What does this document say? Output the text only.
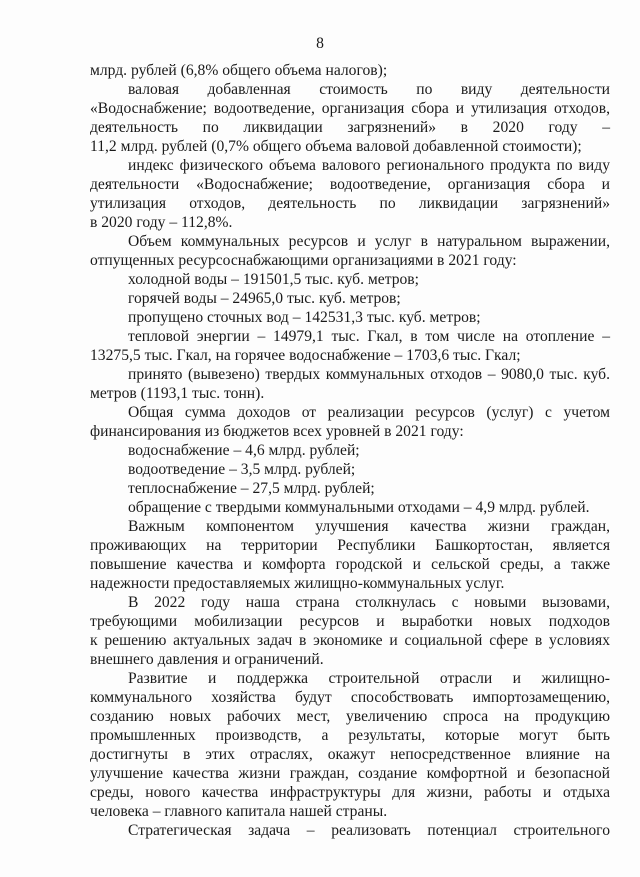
8
млрд. рублей (6,8% общего объема налогов);
валовая добавленная стоимость по виду деятельности
«Водоснабжение; водоотведение, организация сбора и утилизация отходов,
деятельность по ликвидации загрязнений» в 2020 году –
11,2 млрд. рублей (0,7% общего объема валовой добавленной стоимости);
индекс физического объема валового регионального продукта по виду
деятельности «Водоснабжение; водоотведение, организация сбора и
утилизация отходов, деятельность по ликвидации загрязнений»
в 2020 году – 112,8%.
Объем коммунальных ресурсов и услуг в натуральном выражении,
отпущенных ресурсоснабжающими организациями в 2021 году:
холодной воды – 191501,5 тыс. куб. метров;
горячей воды – 24965,0 тыс. куб. метров;
пропущено сточных вод – 142531,3 тыс. куб. метров;
тепловой энергии – 14979,1 тыс. Гкал, в том числе на отопление –
13275,5 тыс. Гкал, на горячее водоснабжение – 1703,6 тыс. Гкал;
принято (вывезено) твердых коммунальных отходов – 9080,0 тыс. куб.
метров (1193,1 тыс. тонн).
Общая сумма доходов от реализации ресурсов (услуг) с учетом
финансирования из бюджетов всех уровней в 2021 году:
водоснабжение – 4,6 млрд. рублей;
водоотведение – 3,5 млрд. рублей;
теплоснабжение – 27,5 млрд. рублей;
обращение с твердыми коммунальными отходами – 4,9 млрд. рублей.
Важным компонентом улучшения качества жизни граждан,
проживающих на территории Республики Башкортостан, является
повышение качества и комфорта городской и сельской среды, а также
надежности предоставляемых жилищно-коммунальных услуг.
В 2022 году наша страна столкнулась с новыми вызовами,
требующими мобилизации ресурсов и выработки новых подходов
к решению актуальных задач в экономике и социальной сфере в условиях
внешнего давления и ограничений.
Развитие и поддержка строительной отрасли и жилищно-
коммунального хозяйства будут способствовать импортозамещению,
созданию новых рабочих мест, увеличению спроса на продукцию
промышленных производств, а результаты, которые могут быть
достигнуты в этих отраслях, окажут непосредственное влияние на
улучшение качества жизни граждан, создание комфортной и безопасной
среды, нового качества инфраструктуры для жизни, работы и отдыха
человека – главного капитала нашей страны.
Стратегическая задача – реализовать потенциал строительного
